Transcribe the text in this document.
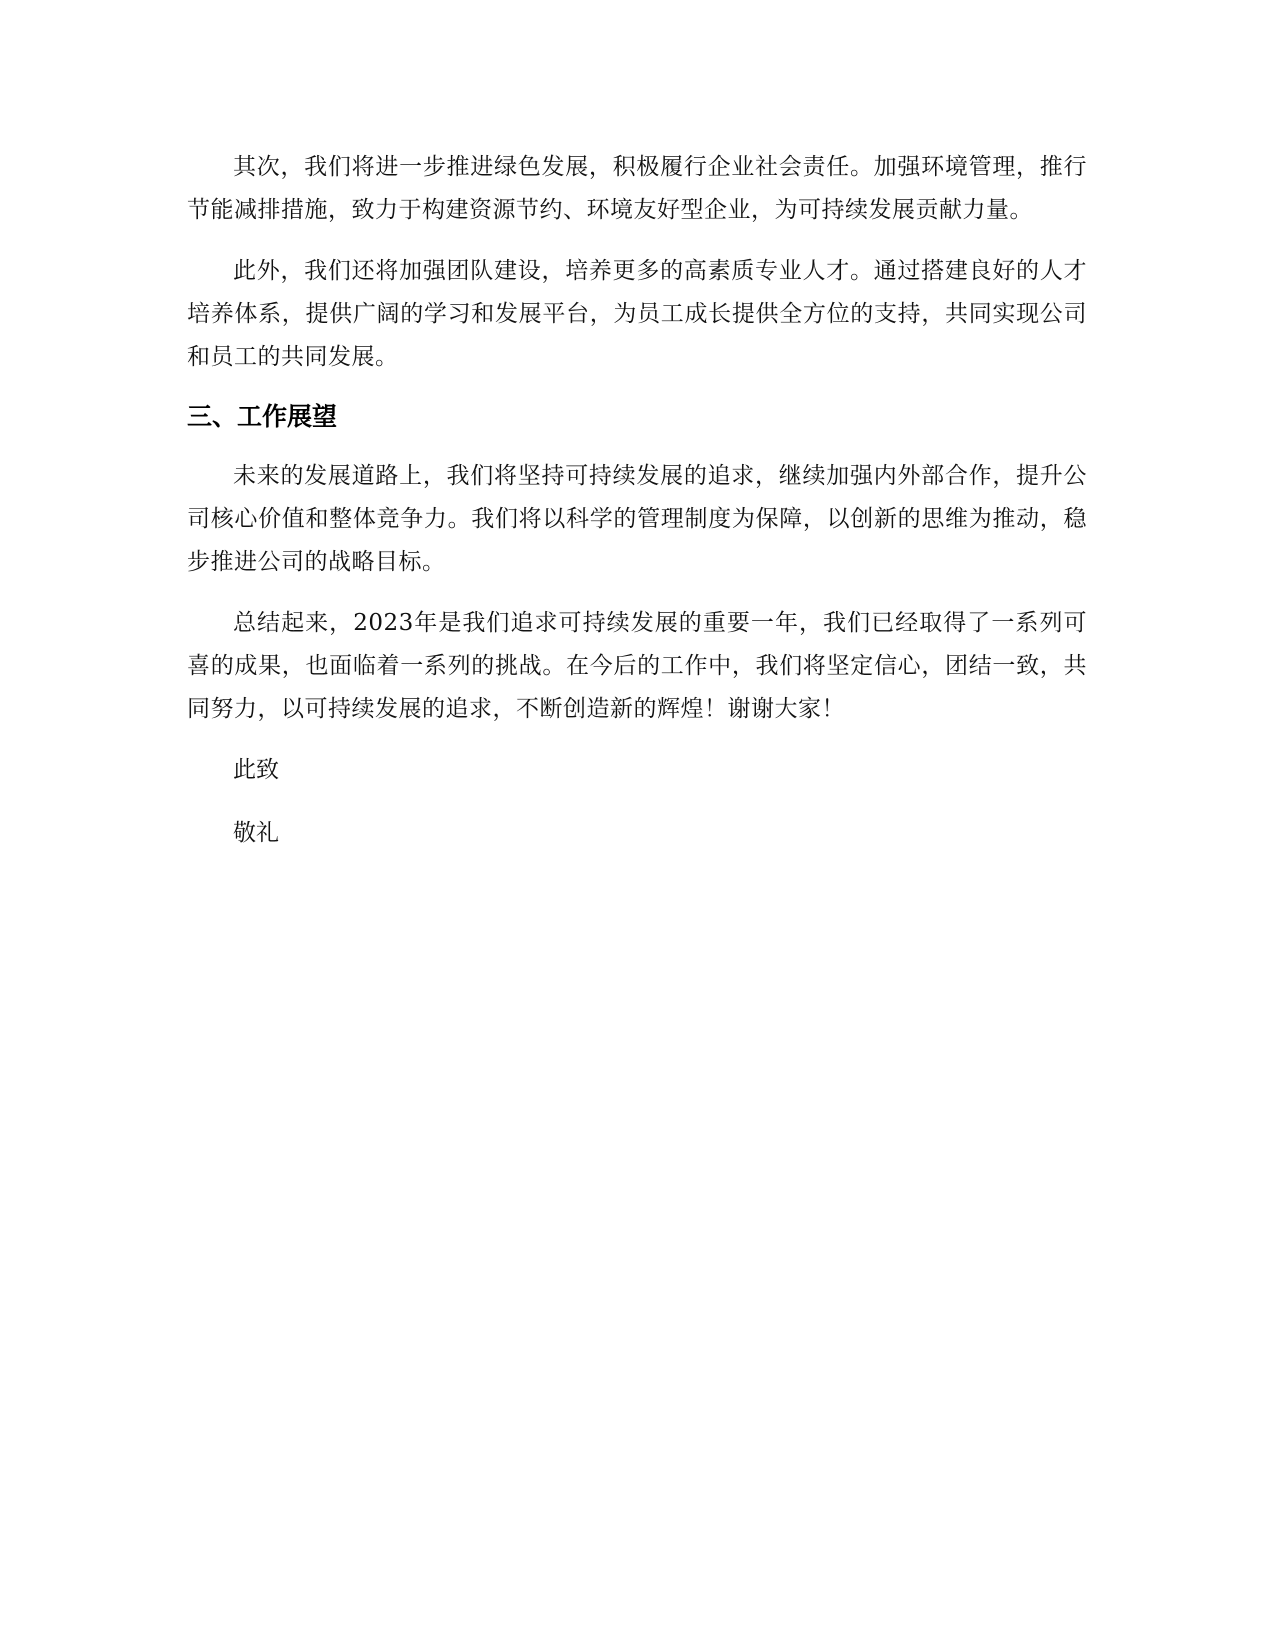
其次，我们将进一步推进绿色发展，积极履行企业社会责任。加强环境管理，推行节能减排措施，致力于构建资源节约、环境友好型企业，为可持续发展贡献力量。

此外，我们还将加强团队建设，培养更多的高素质专业人才。通过搭建良好的人才培养体系，提供广阔的学习和发展平台，为员工成长提供全方位的支持，共同实现公司和员工的共同发展。

三、工作展望

未来的发展道路上，我们将坚持可持续发展的追求，继续加强内外部合作，提升公司核心价值和整体竞争力。我们将以科学的管理制度为保障，以创新的思维为推动，稳步推进公司的战略目标。

总结起来，2023年是我们追求可持续发展的重要一年，我们已经取得了一系列可喜的成果，也面临着一系列的挑战。在今后的工作中，我们将坚定信心，团结一致，共同努力，以可持续发展的追求，不断创造新的辉煌！谢谢大家！

此致

敬礼
